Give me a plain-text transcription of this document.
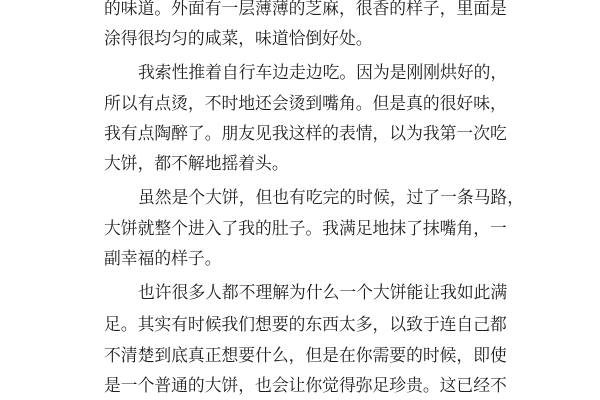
的味道。外面有一层薄薄的芝麻，很香的样子，里面是
涂得很均匀的咸菜，味道恰倒好处。
我索性推着自行车边走边吃。因为是刚刚烘好的，
所以有点烫，不时地还会烫到嘴角。但是真的很好味，
我有点陶醉了。朋友见我这样的表情，以为我第一次吃
大饼，都不解地摇着头。
虽然是个大饼，但也有吃完的时候，过了一条马路，
大饼就整个进入了我的肚子。我满足地抹了抹嘴角，一
副幸福的样子。
也许很多人都不理解为什么一个大饼能让我如此满
足。其实有时候我们想要的东西太多，以致于连自己都
不清楚到底真正想要什么，但是在你需要的时候，即使
是一个普通的大饼，也会让你觉得弥足珍贵。这已经不
